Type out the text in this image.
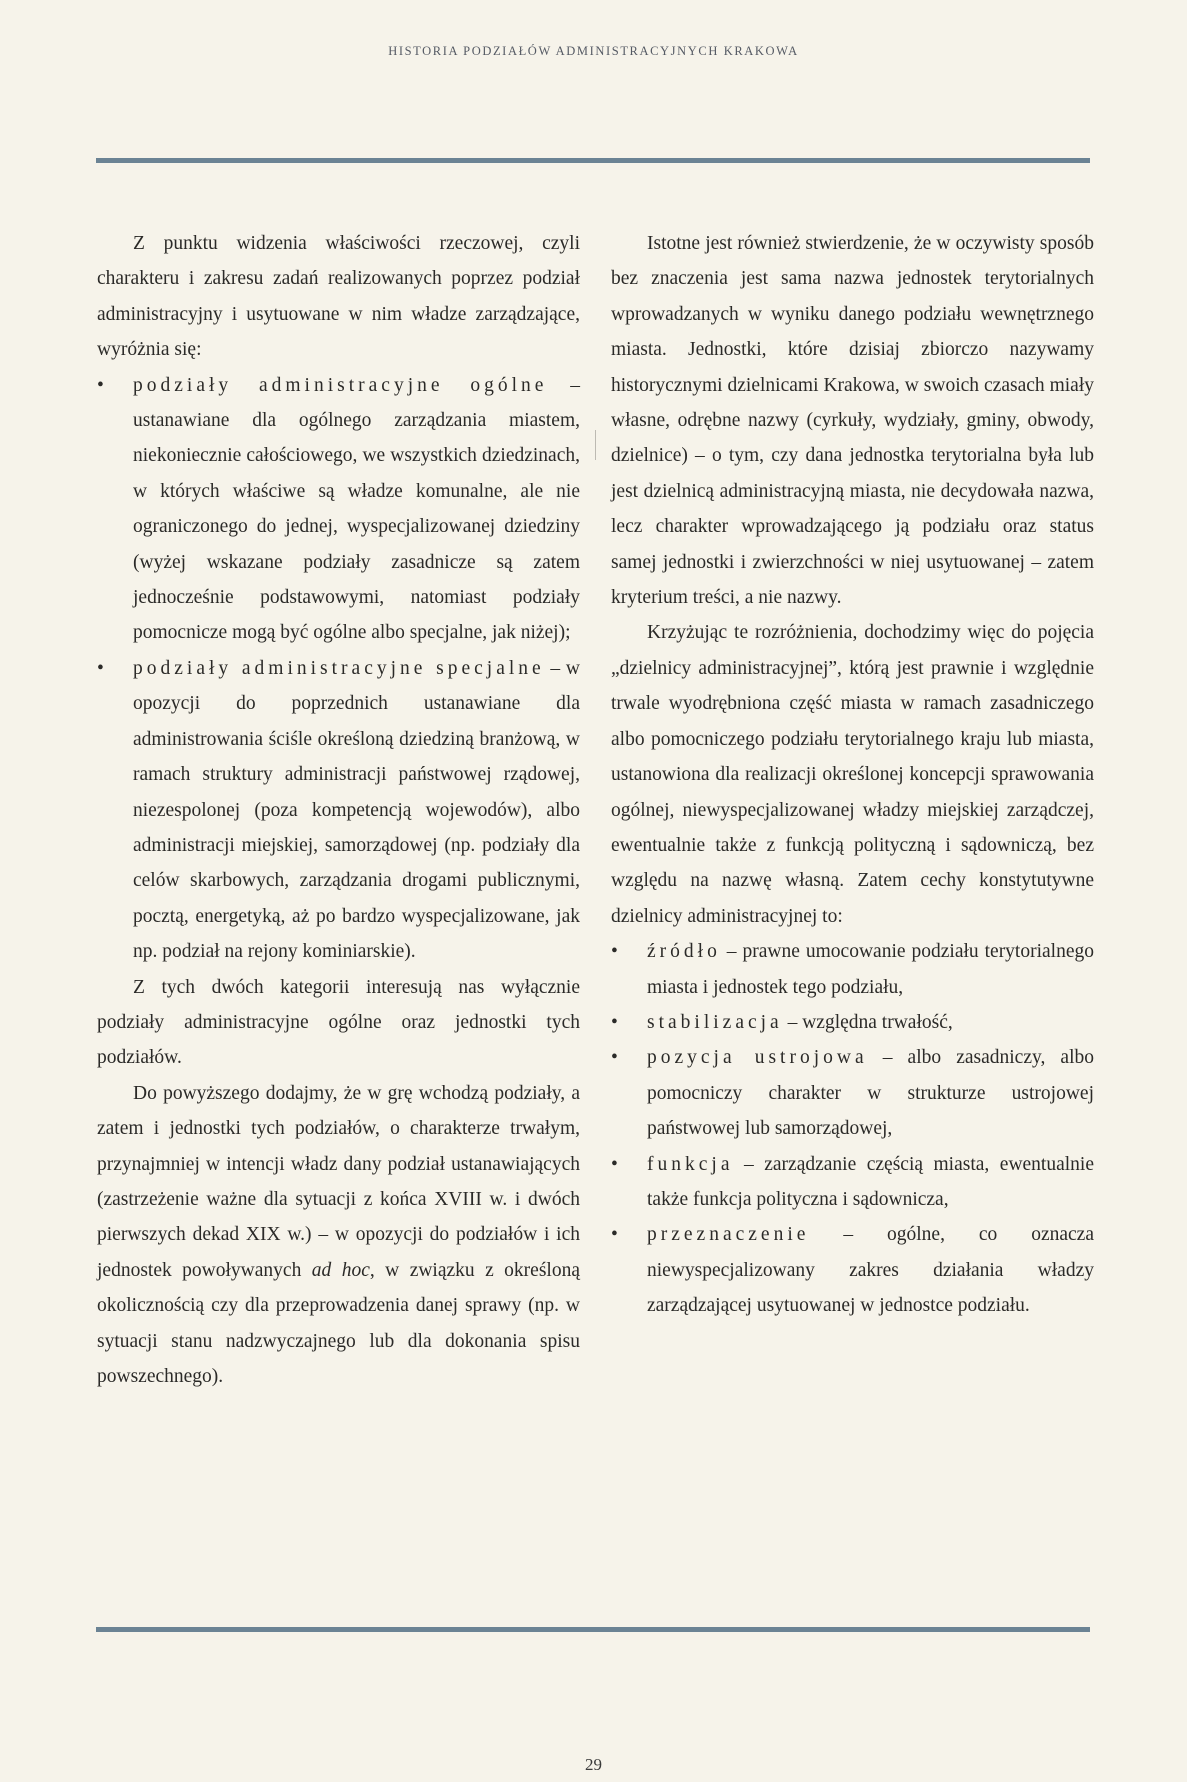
HISTORIA PODZIAŁÓW ADMINISTRACYJNYCH KRAKOWA

Z punktu widzenia właściwości rzeczowej, czyli charakteru i zakresu zadań realizowanych poprzez podział administracyjny i usytuowane w nim władze zarządzające, wyróżnia się:

• podziały administracyjne ogólne – ustanawiane dla ogólnego zarządzania miastem, niekoniecznie całościowego, we wszystkich dziedzinach, w których właściwe są władze komunalne, ale nie ograniczonego do jednej, wyspecjalizowanej dziedziny (wyżej wskazane podziały zasadnicze są zatem jednocześnie podstawowymi, natomiast podziały pomocnicze mogą być ogólne albo specjalne, jak niżej);
• podziały administracyjne specjalne – w opozycji do poprzednich ustanawiane dla administrowania ściśle określoną dziedziną branżową, w ramach struktury administracji państwowej rządowej, niezespolonej (poza kompetencją wojewodów), albo administracji miejskiej, samorządowej (np. podziały dla celów skarbowych, zarządzania drogami publicznymi, pocztą, energetyką, aż po bardzo wyspecjalizowane, jak np. podział na rejony kominiarskie).

Z tych dwóch kategorii interesują nas wyłącznie podziały administracyjne ogólne oraz jednostki tych podziałów.

Do powyższego dodajmy, że w grę wchodzą podziały, a zatem i jednostki tych podziałów, o charakterze trwałym, przynajmniej w intencji władz dany podział ustanawiających (zastrzeżenie ważne dla sytuacji z końca XVIII w. i dwóch pierwszych dekad XIX w.) – w opozycji do podziałów i ich jednostek powoływanych ad hoc, w związku z określoną okolicznością czy dla przeprowadzenia danej sprawy (np. w sytuacji stanu nadzwyczajnego lub dla dokonania spisu powszechnego).

Istotne jest również stwierdzenie, że w oczywisty sposób bez znaczenia jest sama nazwa jednostek terytorialnych wprowadzanych w wyniku danego podziału wewnętrznego miasta. Jednostki, które dzisiaj zbiorczo nazywamy historycznymi dzielnicami Krakowa, w swoich czasach miały własne, odrębne nazwy (cyrkuły, wydziały, gminy, obwody, dzielnice) – o tym, czy dana jednostka terytorialna była lub jest dzielnicą administracyjną miasta, nie decydowała nazwa, lecz charakter wprowadzającego ją podziału oraz status samej jednostki i zwierzchności w niej usytuowanej – zatem kryterium treści, a nie nazwy.

Krzyżując te rozróżnienia, dochodzimy więc do pojęcia „dzielnicy administracyjnej”, którą jest prawnie i względnie trwale wyodrębniona część miasta w ramach zasadniczego albo pomocniczego podziału terytorialnego kraju lub miasta, ustanowiona dla realizacji określonej koncepcji sprawowania ogólnej, niewyspecjalizowanej władzy miejskiej zarządczej, ewentualnie także z funkcją polityczną i sądowniczą, bez względu na nazwę własną. Zatem cechy konstytutywne dzielnicy administracyjnej to:

• źródło – prawne umocowanie podziału terytorialnego miasta i jednostek tego podziału,
• stabilizacja – względna trwałość,
• pozycja ustrojowa – albo zasadniczy, albo pomocniczy charakter w strukturze ustrojowej państwowej lub samorządowej,
• funkcja – zarządzanie częścią miasta, ewentualnie także funkcja polityczna i sądownicza,
• przeznaczenie – ogólne, co oznacza niewyspecjalizowany zakres działania władzy zarządzającej usytuowanej w jednostce podziału.
29
